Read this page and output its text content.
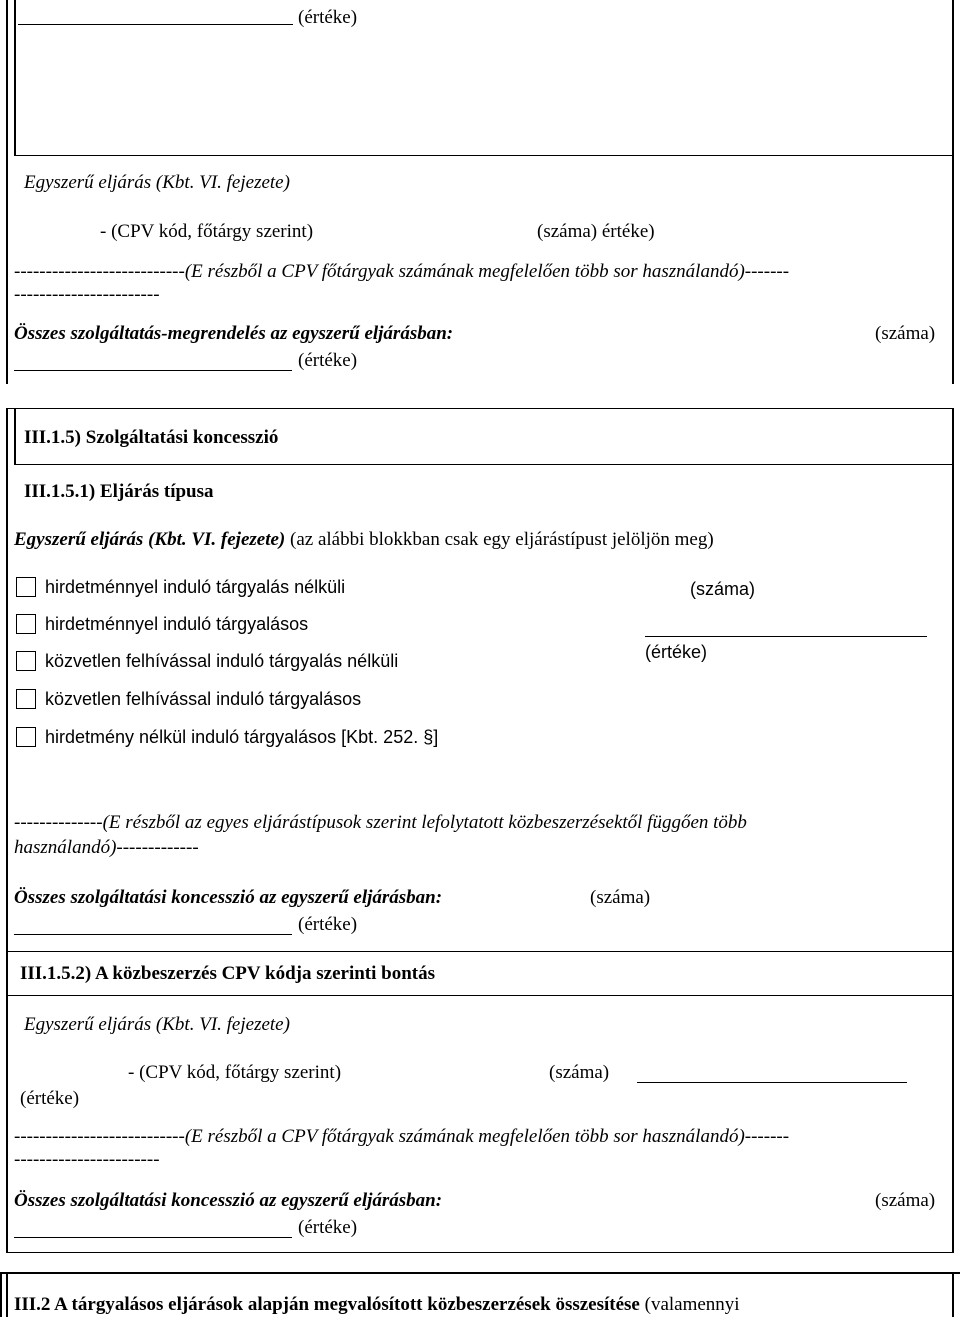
(értéke)
Egyszerű eljárás (Kbt. VI. fejezete)
- (CPV kód, főtárgy szerint)	(száma) értéke)
---------------------------(E részből a CPV főtárgyak számának megfelelően több sor használandó)-------
-----------------------
Összes szolgáltatás-megrendelés az egyszerű eljárásban:	(száma)
(értéke)
III.1.5) Szolgáltatási koncesszió
III.1.5.1) Eljárás típusa
Egyszerű eljárás (Kbt. VI. fejezete) (az alábbi blokkban csak egy eljárástípust jelöljön meg)
hirdetménnyel induló tárgyalás nélküli
hirdetménnyel induló tárgyalásos
közvetlen felhívással induló tárgyalás nélküli
közvetlen felhívással induló tárgyalásos
hirdetmény nélkül induló tárgyalásos [Kbt. 252. §]
(száma)
(értéke)
--------------(E részből az egyes eljárástípusok szerint lefolytatott közbeszerzésektől függően több
használandó)-------------
Összes szolgáltatási koncesszió az egyszerű eljárásban:	(száma)
(értéke)
III.1.5.2) A közbeszerzés CPV kódja szerinti bontás
Egyszerű eljárás (Kbt. VI. fejezete)
- (CPV kód, főtárgy szerint)	(száma)
(értéke)
---------------------------(E részből a CPV főtárgyak számának megfelelően több sor használandó)-------
-----------------------
Összes szolgáltatási koncesszió az egyszerű eljárásban:	(száma)
(értéke)
III.2 A tárgyalásos eljárások alapján megvalósított közbeszerzések összesítése (valamennyi
